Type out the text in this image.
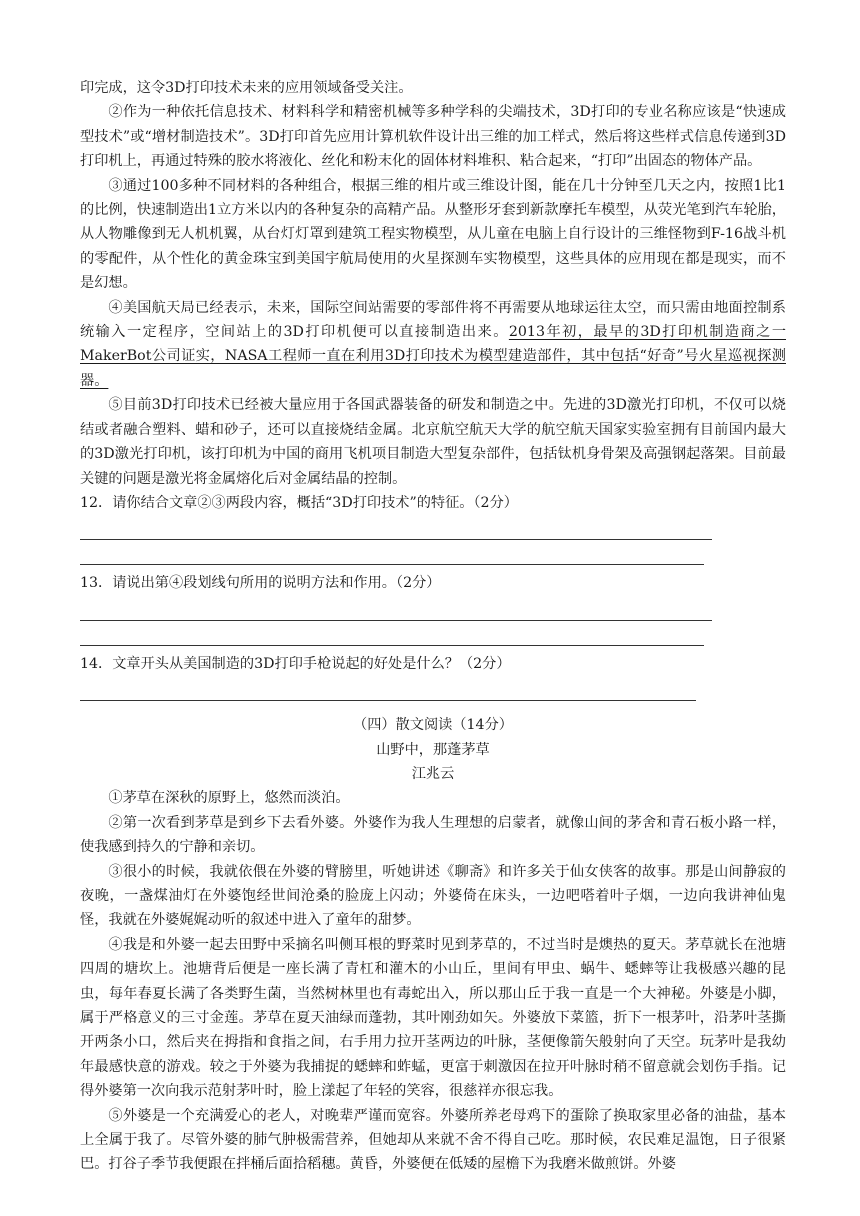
印完成，这令3D打印技术未来的应用领域备受关注。

②作为一种依托信息技术、材料科学和精密机械等多种学科的尖端技术，3D打印的专业名称应该是“快速成型技术”或“增材制造技术”。3D打印首先应用计算机软件设计出三维的加工样式，然后将这些样式信息传递到3D打印机上，再通过特殊的胶水将液化、丝化和粉末化的固体材料堆积、粘合起来，“打印”出固态的物体产品。

③通过100多种不同材料的各种组合，根据三维的相片或三维设计图，能在几十分钟至几天之内，按照1比1的比例，快速制造出1立方米以内的各种复杂的高精产品。从整形牙套到新款摩托车模型，从荧光笔到汽车轮胎，从人物雕像到无人机机翼，从台灯灯罩到建筑工程实物模型，从儿童在电脑上自行设计的三维怪物到F-16战斗机的零配件，从个性化的黄金珠宝到美国宇航局使用的火星探测车实物模型，这些具体的应用现在都是现实，而不是幻想。

④美国航天局已经表示，未来，国际空间站需要的零部件将不再需要从地球运往太空，而只需由地面控制系统输入一定程序，空间站上的3D打印机便可以直接制造出来。2013年初，最早的3D打印机制造商之一MakerBot公司证实，NASA工程师一直在利用3D打印技术为模型建造部件，其中包括“好奇”号火星巡视探测器。

⑤目前3D打印技术已经被大量应用于各国武器装备的研发和制造之中。先进的3D激光打印机，不仅可以烧结或者融合塑料、蜡和砂子，还可以直接烧结金属。北京航空航天大学的航空航天国家实验室拥有目前国内最大的3D激光打印机，该打印机为中国的商用飞机项目制造大型复杂部件，包括钛机身骨架及高强钢起落架。目前最关键的问题是激光将金属熔化后对金属结晶的控制。

12．请你结合文章②③两段内容，概括“3D打印技术”的特征。（2分）

13．请说出第④段划线句所用的说明方法和作用。（2分）

14．文章开头从美国制造的3D打印手枪说起的好处是什么？（2分）

（四）散文阅读（14分）

山野中，那蓬茅草

江兆云

①茅草在深秋的原野上，悠然而淡泊。

②第一次看到茅草是到乡下去看外婆。外婆作为我人生理想的启蒙者，就像山间的茅舍和青石板小路一样，使我感到持久的宁静和亲切。

③很小的时候，我就依偎在外婆的臂膀里，听她讲述《聊斋》和许多关于仙女侠客的故事。那是山间静寂的夜晚，一盏煤油灯在外婆饱经世间沧桑的脸庞上闪动；外婆倚在床头，一边吧嗒着叶子烟，一边向我讲神仙鬼怪，我就在外婆娓娓动听的叙述中进入了童年的甜梦。

④我是和外婆一起去田野中采摘名叫侧耳根的野菜时见到茅草的，不过当时是燠热的夏天。茅草就长在池塘四周的塘坎上。池塘背后便是一座长满了青杠和灌木的小山丘，里间有甲虫、蜗牛、蟋蟀等让我极感兴趣的昆虫，每年春夏长满了各类野生菌，当然树林里也有毒蛇出入，所以那山丘于我一直是一个大神秘。外婆是小脚，属于严格意义的三寸金莲。茅草在夏天油绿而蓬勃，其叶刚劲如矢。外婆放下菜篮，折下一根茅叶，沿茅叶茎撕开两条小口，然后夹在拇指和食指之间，右手用力拉开茎两边的叶脉，茎便像箭矢般射向了天空。玩茅叶是我幼年最感快意的游戏。较之于外婆为我捕捉的蟋蟀和蚱蜢，更富于刺激因在拉开叶脉时稍不留意就会划伤手指。记得外婆第一次向我示范射茅叶时，脸上漾起了年轻的笑容，很慈祥亦很忘我。

⑤外婆是一个充满爱心的老人，对晚辈严谨而宽容。外婆所养老母鸡下的蛋除了换取家里必备的油盐，基本上全属于我了。尽管外婆的肺气肿极需营养，但她却从来就不舍不得自己吃。那时候，农民难足温饱，日子很紧巴。打谷子季节我便跟在拌桶后面拾稻穗。黄昏，外婆便在低矮的屋檐下为我磨米做煎饼。外婆
